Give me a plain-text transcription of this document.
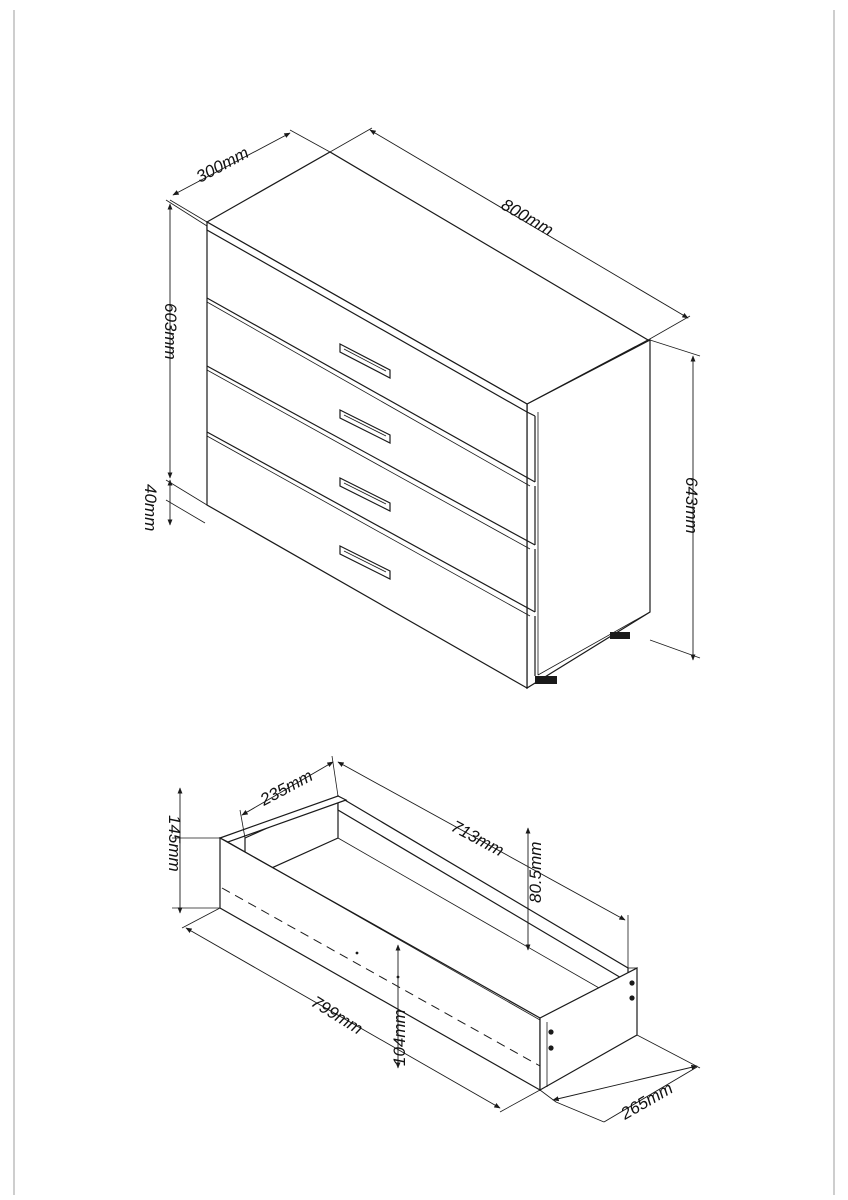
300mm
800mm
603mm
40mm	643mm
235mm
713mm
145mm	80.5mm
799mm 104mm
265mm
